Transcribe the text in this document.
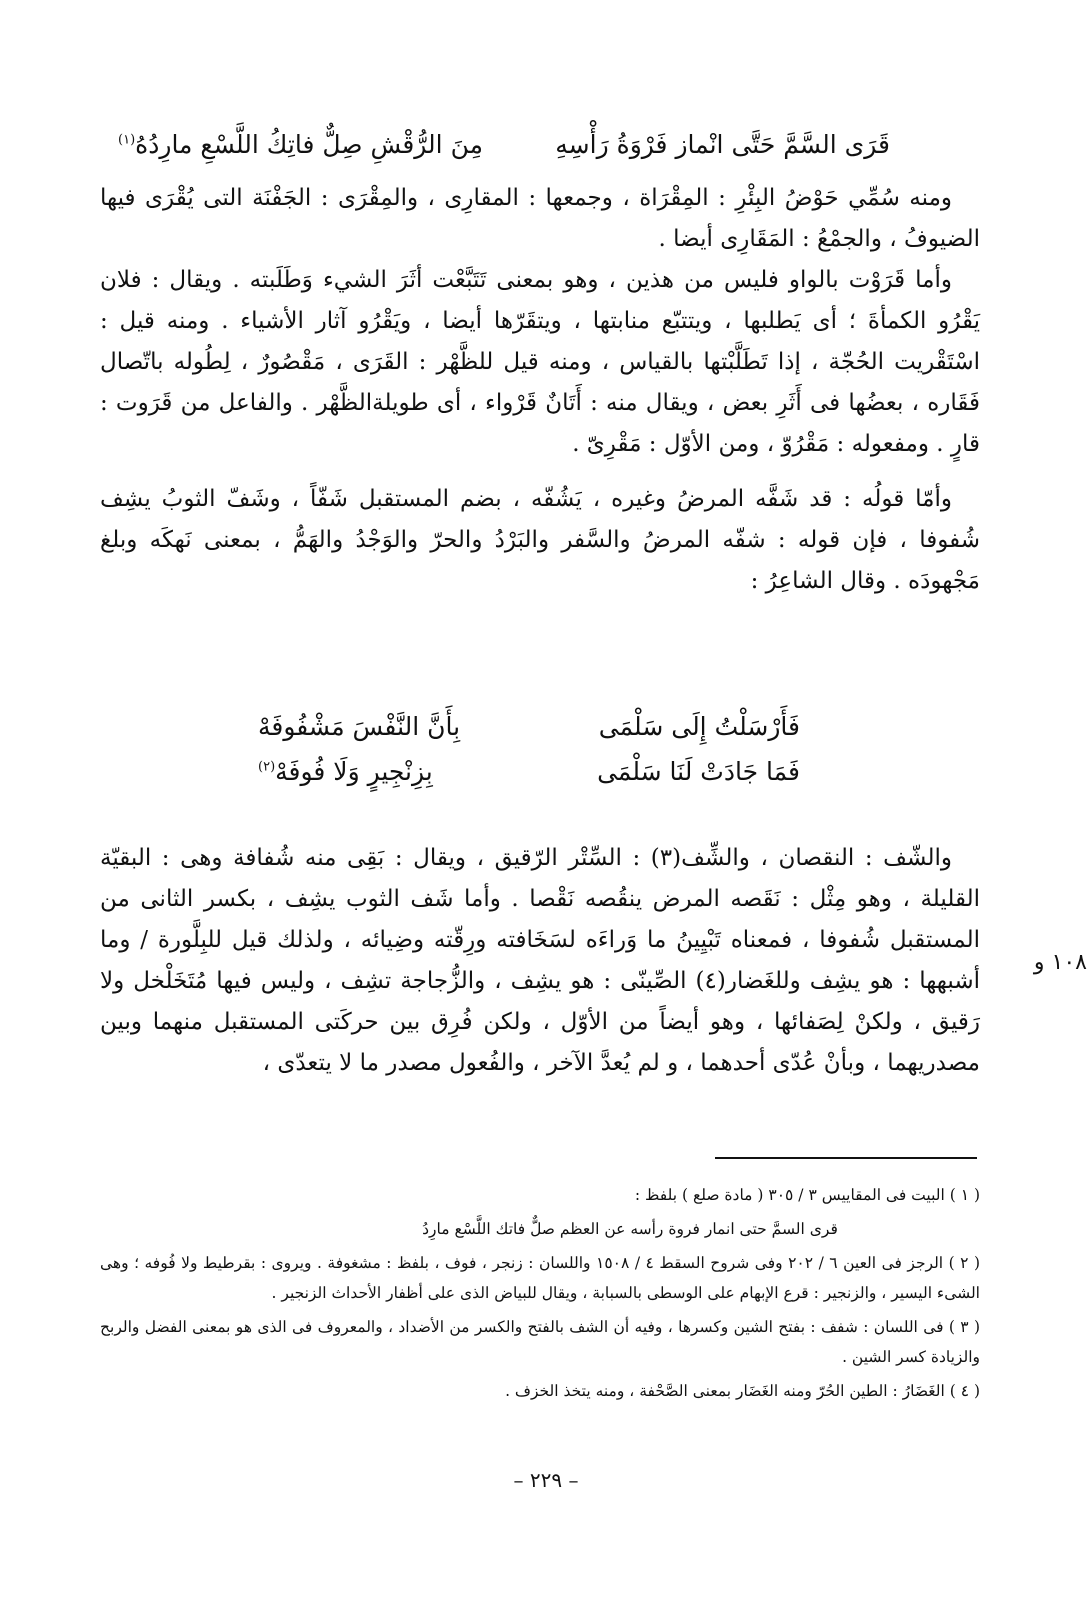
قَرَى السَّمَّ حَتَّى انْماز فَرْوَةُ رَأْسِهِ
مِنَ الرُّقْشِ صِلٌّ فاتِكُ اللَّسْعِ مارِدُهُ$^{(١)}$

ومنه سُمِّي حَوْضُ البِئْرِ : المِقْرَاة ، وجمعها : المقارِى ، والمِقْرَى : الجَفْنَة التى يُقْرَى فيها الضيوفُ ، والجمْعُ : المَقَارِى أيضا .

وأما قَرَوْت بالواو فليس من هذين ، وهو بمعنى تَتَبَّعْت أثَرَ الشيء وَطَلَبته . ويقال : فلان يَقْرُو الكمأةَ ؛ أى يَطلبها ، ويتتبّع منابتها ، ويتقَرّها أيضا ، ويَقْرُو آثار الأشياء . ومنه قيل : اسْتَقْريت الحُجّة ، إذا تَطَلَّبْتها بالقياس ، ومنه قيل للظَّهْر : القَرَى ، مَقْصُورٌ ، لِطُوله باتّصال فَقَاره ، بعضُها فى أَثَرِ بعض ، ويقال منه : أَتَانٌ قَرْواء ، أى طويلةالظَّهْر . والفاعل من قَرَوت : قارٍ . ومفعوله : مَقْرُوّ ، ومن الأوّل : مَقْرِىّ .

وأمّا قولُه : قد شَفَّه المرضُ وغيره ، يَشُفّه ، بضم المستقبل شَفّاً ، وشَفّ الثوبُ يشِف شُفوفا ، فإن قوله : شفّه المرضُ والسَّفر والبَرْدُ والحرّ والوَجْدُ والهَمُّ ، بمعنى نَهكَه وبلغ مَجْهودَه . وقال الشاعِرُ :

فَأَرْسَلْتُ إِلَى سَلْمَى
بِأَنَّ النَّفْسَ مَشْفُوفَهْ
فَمَا جَادَتْ لَنَا سَلْمَى
بِزِنْجِيرٍ وَلَا فُوفَهْ$^{(٢)}$

والشّف : النقصان ، والشِّف(٣) : السِّتْر الرّقيق ، ويقال : بَقِى منه شُفافة وهى : البقيّة القليلة ، وهو مِثْل : نَقَصه المرض ينقُصه نَقْصا . وأما شَف الثوب يشِف ، بكسر الثانى من المستقبل شُفوفا ، فمعناه تَبْيِينُ ما وَراءَه لسَخَافته ورِقّته وضِيائه ، ولذلك قيل للبِلَّورة / وما أشبهها : هو يشِف وللغَضار(٤) الصِّينّى : هو يشِف ، والزُّجاجة تشِف ، وليس فيها مُتَخَلْخل ولا رَقيق ، ولكنْ لِصَفائها ، وهو أيضاً من الأوّل ، ولكن فُرِق بين حركَتى المستقبل منهما وبين مصدريهما ، وبأنْ عُدّى أحدهما ، و لم يُعدَّ الآخر ، والفُعول مصدر ما لا يتعدّى ،

١٠٨ و

( ١ ) البيت فى المقاييس ٣ / ٣٠٥ ( مادة صلع ) بلفظ :

قرى السمَّ حتى انمار فروة رأسه عن العظم صلٌّ فاتك اللَّسْع مارِدُ

( ٢ ) الرجز فى العين ٦ / ٢٠٢ وفى شروح السقط ٤ / ١٥٠٨ واللسان : زنجر ، فوف ، بلفظ : مشغوفة . ويروى : بقرطيط ولا فُوفه ؛ وهى الشىء اليسير ، والزنجير : قرع الإبهام على الوسطى بالسبابة ، ويقال للبياض الذى على أظفار الأحداث الزنجير .

( ٣ ) فى اللسان : شفف : بفتح الشين وكسرها ، وفيه أن الشف بالفتح والكسر من الأضداد ، والمعروف فى الذى هو بمعنى الفضل والربح والزيادة كسر الشين .

( ٤ ) الغَضَارُ : الطين الحُرّ ومنه الغَضَار بمعنى الصَّحْفة ، ومنه يتخذ الخزف .

– ٢٢٩ –
